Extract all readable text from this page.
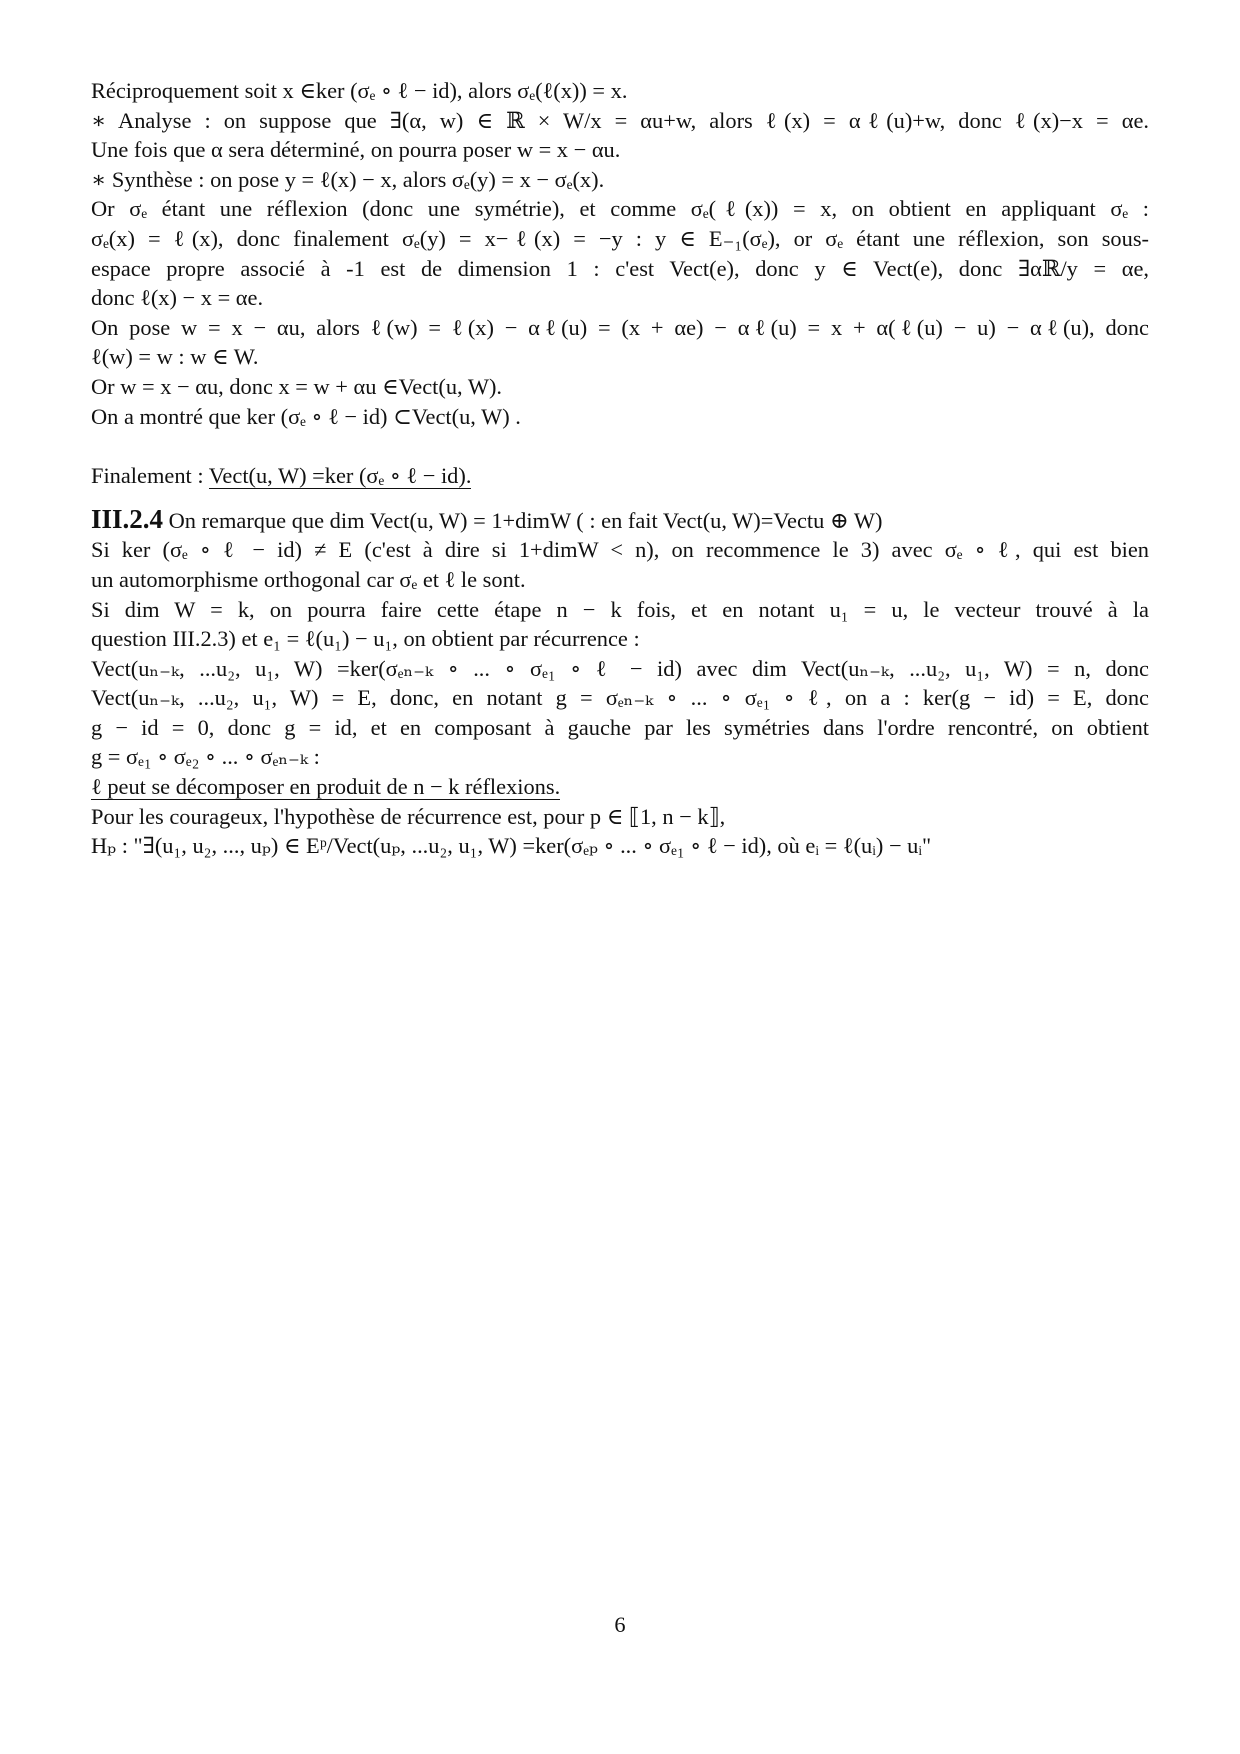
Réciproquement soit x ∈ker (σₑ ∘ ℓ − id), alors σₑ(ℓ(x)) = x.
∗ Analyse : on suppose que ∃(α, w) ∈ ℝ × W/x = αu+w, alors ℓ(x) = αℓ(u)+w, donc ℓ(x)−x = αe.
Une fois que α sera déterminé, on pourra poser w = x − αu.
∗ Synthèse : on pose y = ℓ(x) − x, alors σₑ(y) = x − σₑ(x).
Or σₑ étant une réflexion (donc une symétrie), et comme σₑ(ℓ(x)) = x, on obtient en appliquant σₑ :
σₑ(x) = ℓ(x), donc finalement σₑ(y) = x−ℓ(x) = −y : y ∈ E₋₁(σₑ), or σₑ étant une réflexion, son sous-
espace propre associé à -1 est de dimension 1 : c'est Vect(e), donc y ∈ Vect(e), donc ∃αℝ/y = αe,
donc ℓ(x) − x = αe.
On pose w = x − αu, alors ℓ(w) = ℓ(x) − αℓ(u) = (x + αe) − αℓ(u) = x + α(ℓ(u) − u) − αℓ(u), donc
ℓ(w) = w : w ∈ W.
Or w = x − αu, donc x = w + αu ∈Vect(u, W).
On a montré que ker (σₑ ∘ ℓ − id) ⊂Vect(u, W) .
Finalement : Vect(u, W) =ker (σₑ ∘ ℓ − id).
III.2.4 On remarque que dim Vect(u, W) = 1+dimW ( : en fait Vect(u, W)=Vectu ⊕ W)
Si ker (σₑ ∘ ℓ − id) ≠ E (c'est à dire si 1+dimW < n), on recommence le 3) avec σₑ ∘ ℓ, qui est bien
un automorphisme orthogonal car σₑ et ℓ le sont.
Si dim W = k, on pourra faire cette étape n − k fois, et en notant u₁ = u, le vecteur trouvé à la
question III.2.3) et e₁ = ℓ(u₁) − u₁, on obtient par récurrence :
Vect(uₙ₋ₖ, ...u₂, u₁, W) =ker(σₑₙ₋ₖ ∘ ... ∘ σₑ₁ ∘ ℓ − id) avec dim Vect(uₙ₋ₖ, ...u₂, u₁, W) = n, donc
Vect(uₙ₋ₖ, ...u₂, u₁, W) = E, donc, en notant g = σₑₙ₋ₖ ∘ ... ∘ σₑ₁ ∘ ℓ, on a : ker(g − id) = E, donc
g − id = 0, donc g = id, et en composant à gauche par les symétries dans l'ordre rencontré, on obtient
g = σₑ₁ ∘ σₑ₂ ∘ ... ∘ σₑₙ₋ₖ :
ℓ peut se décomposer en produit de n − k réflexions.
Pour les courageux, l'hypothèse de récurrence est, pour p ∈ ⟦1, n − k⟧,
Hₚ : "∃(u₁, u₂, ..., uₚ) ∈ Eᵖ/Vect(uₚ, ...u₂, u₁, W) =ker(σₑₚ ∘ ... ∘ σₑ₁ ∘ ℓ − id), où eᵢ = ℓ(uᵢ) − uᵢ"
6
